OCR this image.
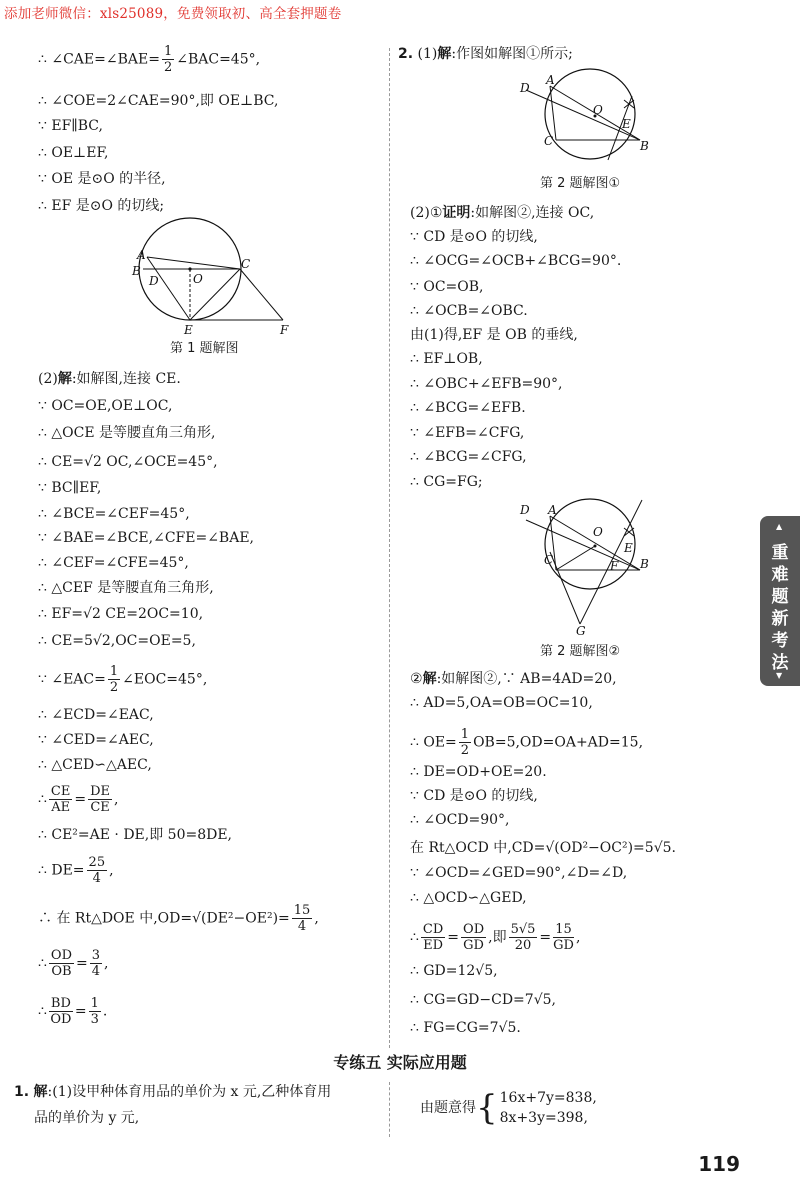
添加老师微信：xls25089，免费领取初、高全套押题卷
∴ ∠CAE=∠BAE= $\frac{1}{2}$ ∠BAC=45°,
∴ ∠COE=2∠CAE=90°,即 OE⊥BC,
∵ EF∥BC,
∴ OE⊥EF,
∵ OE 是⊙O 的半径,
∴ EF 是⊙O 的切线;
A
B
D	O
C
E	F
第 1 题解图
(2)解:如解图,连接 CE.
∵ OC=OE,OE⊥OC,
∴ △OCE 是等腰直角三角形,
∴ CE=√2 OC,∠OCE=45°,
∵ BC∥EF,
∴ ∠BCE=∠CEF=45°,
∵ ∠BAE=∠BCE,∠CFE=∠BAE,
∴ ∠CEF=∠CFE=45°,
∴ △CEF 是等腰直角三角形,
∴ EF=√2 CE=2OC=10,
∴ CE=5√2,OC=OE=5,
∵ ∠EAC= $\frac{1}{2}$ ∠EOC=45°,
∴ ∠ECD=∠EAC,
∵ ∠CED=∠AEC,
∴ △CED∽△AEC,
∴ $\frac{CE}{AE} = \frac{DE}{CE}$ ,
∴ CE²=AE · DE,即 50=8DE,
∴ $DE= \frac{25}{4}$ ,
∴ 在 Rt△DOE 中$,OD=√(DE^2-OE^2)= \frac{15}{4}$ ,
∴ $\frac{OD}{OB} = \frac{3}{4}$ ,
∴ $\frac{BD}{OD} = \frac{1}{3}$ .
2. (1)解:作图如解图①所示;
D
A
O
E
C	B
第 2 题解图①
(2)①证明:如解图②,连接 OC,
∵ CD 是⊙O 的切线,
∴ ∠OCG=∠OCB+∠BCG=90°.
∵ OC=OB,
∴ ∠OCB=∠OBC.
由(1)得,EF 是 OB 的垂线,
∴ EF⊥OB,
∴ ∠OBC+∠EFB=90°,
∴ ∠BCG=∠EFB.
∵ ∠EFB=∠CFG,
∴ ∠BCG=∠CFG,
∴ CG=FG;
D A
O
E
C	F B
G
第 2 题解图②
②解:如解图②,∵ AB=4AD=20,
∴ AD=5,OA=OB=OC=10,
∴ $OE= \frac{1}{2} OB=5,OD=OA+AD=15$,
∴ DE=OD+OE=20.
∵ CD 是⊙O 的切线,
∴ ∠OCD=90°,
在 Rt△OCD 中,CD=√(OD²−OC²)=5√5.
∵ ∠OCD=∠GED=90°,∠D=∠D,
∴ △OCD∽△GED,
∴ $\frac{CD}{ED} = \frac{OD}{GD}$ ,即 $\frac{5√5}{20} = \frac{15}{GD}$ ,
∴ GD=12√5,
∴ CG=GD−CD=7√5,
∴ FG=CG=7√5.
专练五 实际应用题
1. 解:(1)设甲种体育用品的单价为 x 元,乙种体育用
品的单价为 y 元,
由题意得{ 16x+7y=838,
8x+3y=398,
▲
重难题新考法
▼
119
